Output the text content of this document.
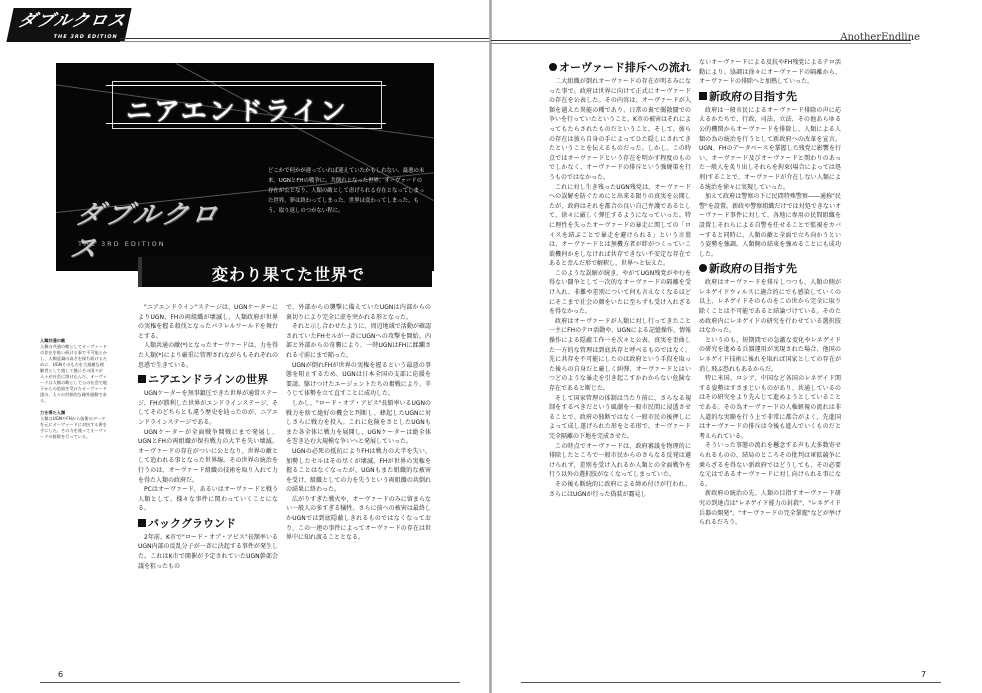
ダブルクロス
THE 3RD EDITION
ニアエンドライン
どこかで何かが違っていれば迎えていたかもしれない、最悪の未来。UGNとFHの戦争に、共倒れとなった世界。オーヴァードの存在が公となり、人類の敵として虐げられる存在となってしまった世界。夢は終わってしまった。世界は変わってしまった。もう、取り返しのつかない程に。
ダブルクロス
THE 3RD EDITION
変わり果てた世界で
人類共通の敵
人類の共通の敵としてオーヴァードの存在を扱い続ける事で不可能とかし、人類意識の高さを保ち続けるために、UGNそのものを大規模な理解者として遇して後にその国々が人々が社会に溶け込んだ。オーヴァードは人類の敵として公の社会で地下からの追放を受けたオーヴァード達の、人々の世界的な疎外運動である。
力を得た人類
人類はUGNやFHから技術のデータを元にオーヴァードに対抗する術を手にした。その力を使ってオーヴァードの排除を行っている。

"ニアエンドライン"ステージは、UGNケーターによりUGN、FHの両組織が壊滅し、人類政府が世界の実権を握る殺伐となったパラレルワールドを舞台とする。

人類共通の敵(*)となったオーヴァードは、力を得た人類(*)により厳重に管理されながらもそれぞれの思惑で生きている。

ニアエンドラインの世界

UGNケーターを無事鎮圧できた世界が通常ステージ、FHが勝利した世界がエンドラインステージ、そしてそのどちらとも違う歴史を辿ったのが、ニアエンドラインステージである。

UGNケーターが全面戦争開戦にまで発展し、UGNとFHの両組織が保有戦力の大半を失い壊滅。オーヴァードの存在がついに公となり、世界の敵として追われる事となった世界線。その世界の統治を行うのは、オーヴァード組織の技術を取り入れて力を得た人類の政府だ。

PCはオーヴァード、あるいはオーヴァードと戦う人類として、様々な事件に関わっていくことになる。

バックグラウンド

2年前、K市で"ロード・オブ・アビス"長額率いるUGN内部の反乱分子が一斉に決起する事件が発生した。これはK市で開催が予定されていたUGN幹部会議を狙ったもの

で、外部からの襲撃に備えていたUGNは内部からの裏切りにより完全に虚を突かれる形となった。

それと示し合わせたように、周辺地域で活動が確認されていたFHセルが一斉にUGNへの攻撃を開始。内部と外部からの奇襲により、一時UGNはFHに蹂躙される寸前にまで陥った。

UGNが倒れFHが世界の実権を握るという最悪の事態を阻止するため、UGNは日本全国の支部に応援を要請。駆けつけたエージェントたちの奮戦により、辛うじて体勢を立て直すことに成功した。

しかし、"ロード・オブ・アビス"長額率いるUGNの戦力を捨て絶好の機会と判断し、蜂起したUGNに対しさらに戦力を投入。これに危険をさとしたUGNもまた各全体に戦力を展開し、UGNケーターは総全体を巻き込む大規模な争いへと発展していった。

UGNの必死の抵抗によりFHは戦力の大半を失い、加勢したセルはその尽くが壊滅。FHが世界の実権を握ることはなくなったが、UGNもまた組織的な被害を受け、組織としての力を失うという両組織の共倒れの結果に終わった。

広がりすぎた戦火や、オーヴァードのみに留まらない一般人の多すぎる犠牲。さらに前への被害は最終しかUGNでは到底隠蔽しきれるものではなくなっており、この一連の事件によってオーヴァードの存在は世界中に知れ渡ることとなる。

6
AnotherEndline
オーヴァード排斥への流れ

二大組織が倒れオーヴァードの存在が明るみになった事で、政府は世界に向けて正式にオーヴァードの存在を公表した。その内容は、オーヴァードが人類を越えた異能の種であり、日常の裏で闇散闘での争いを行っていたということ。K市の被害はそれによってもたらされたものだということ。そして、彼らの存在は彼ら自身の手によってひた隠しにされてきたということを伝えるものだった。しかし、この時点ではオーヴァードという存在を明かす程度のものでしかなく、オーヴァードの排斥という強硬策を行うものではなかった。

これに対し生き残ったUGN残党は、オーヴァードへの誤解を防ぐためにと出来る限りの真実を公開したが、政府はそれを都合の良い自己弁護であるとして、徐々に厳しく弾圧するようになっていった。特に理性を失ったオーヴァードの暴走に関しての「ロイスを結ぶことで暴走を避けられる」という言葉は、オーヴァードとは無機方者が絆がつくっていこ欲機何かをしなければ共存できない不安定な存在であると歪んだ形で解釈し、世界へと伝えた。

このような誤解が続き、やがてUGN残党がやむを得ない闘争として一次的なオーヴァードの隔離を受け入れ、非難や差別について何も言えなくなるほどにそこまで社会の顔をいたに至らずも受け入れざるを得なかった。

政府はオーヴァードが人類に対し行ってきたこと一主にFHのテロ活動や、UGNによる記憶操作、情報操作による隠蔽工作一を次々と公表、真実を歪曲した一方的な管理は到底共存と呼べるものではなく、先に共存を不可能にしたのは政府という手段を取った後らの自身だと厳しく糾弾、オーヴァードとはいつどのような暴走を引き起こすかわからない危険な存在であると断じた。

そして国家管理の体制は当たり前に、さらなる規制をするべきだという風潮を一般市民間に浸透させることで、政府の独断ではなく一般市民の後押しによって成し遂げられた形をとる形で、オーヴァード完全隔離の下地を完成させた。

この時点でオーヴァードは、政府審議を物理的に排除したところで一般市民からのさらなる反発は避けられず、差別を受け入れるか人類との全面戦争を行う以外の選択肢がなくなってしまっていた。

その後も断続的に政府による締め付けが行われ、さらにはUGNが行った偽装が露見し

ないオーヴァードによる反抗やFH残党によるテロ活動により、協調は徐々にオーヴァードの隔離から、オーヴァードの排除へと加熱していった。

新政府の目指す先

政府は一般市民によるオーヴァード排除の声に応えるかたちで、行政、司法、立法、その他あらゆる公的機関からオーヴァードを排除し、人類による人類の為の統治を行うとして新政府への改革を宣言。UGN、FHのデータベースを掌握した残党に影響を行い、オーヴァード及びオーヴァードと関わりのあった一般人を炙り出しそれらを拘束(場合によっては処刑)することで、オーヴァードが介在しない人類による統治を徐々に実現していった。

加えて政府は警察の下に民間特殊警察――通称"民警"を設置。新政や警察組織だけでは対処できないオーヴァード事件に対して、各地に専用の民間組織を設置しそれらによる自警を任せることで監視をカバーすると同時に、人類の敵と全面で立ち向かうという姿勢を強調。人類側の結束を強めることにも成功した。

新政府の目指す先

政府はオーヴァードを排斥しつつも、人類の側がレネゲイドウィルスに適合的にでも感染していくの以上、レネゲイドそのものをこの世から完全に取り除くことは不可能であると結論づけている。そのため政府内にレネゲイドの研究を行わせている選択肢はなかった。

というのも、短期間での急激な変化やレネゲイドの研究を進める兵器運用が実現された場合、他国のレネゲイド技術に後れを取れば国家としての存在が消し飛ぶ恐れもあるからだ。

特に米国、ロシア、中国など各国のレネゲイド関する姿勢はすさまじいものがあり、共通しているのはその研究をより先んじて進めようとしていることである。その為オーヴァードの人権軽視の流れは非人道的な実験を行う上で非常に都合がよく、先進国はオーヴァードの排斥は今後も進んでいくものだと考えられている。

そういった事態の流れを懸念する声も大多数寄せられるものの、結局のところその批判は軍拡競争に乗らざるを得ない新政府ではどうしても、その必要な元はであるオーヴァードに対し向けられる事になる。

新政府の統治の先、人類の目指すオーヴァード研究の到達点は"レネゲイド能力の封殺"、"レネゲイド兵器の開発"、"オーヴァードの完全掌握"などが挙げられるだろう。

7
